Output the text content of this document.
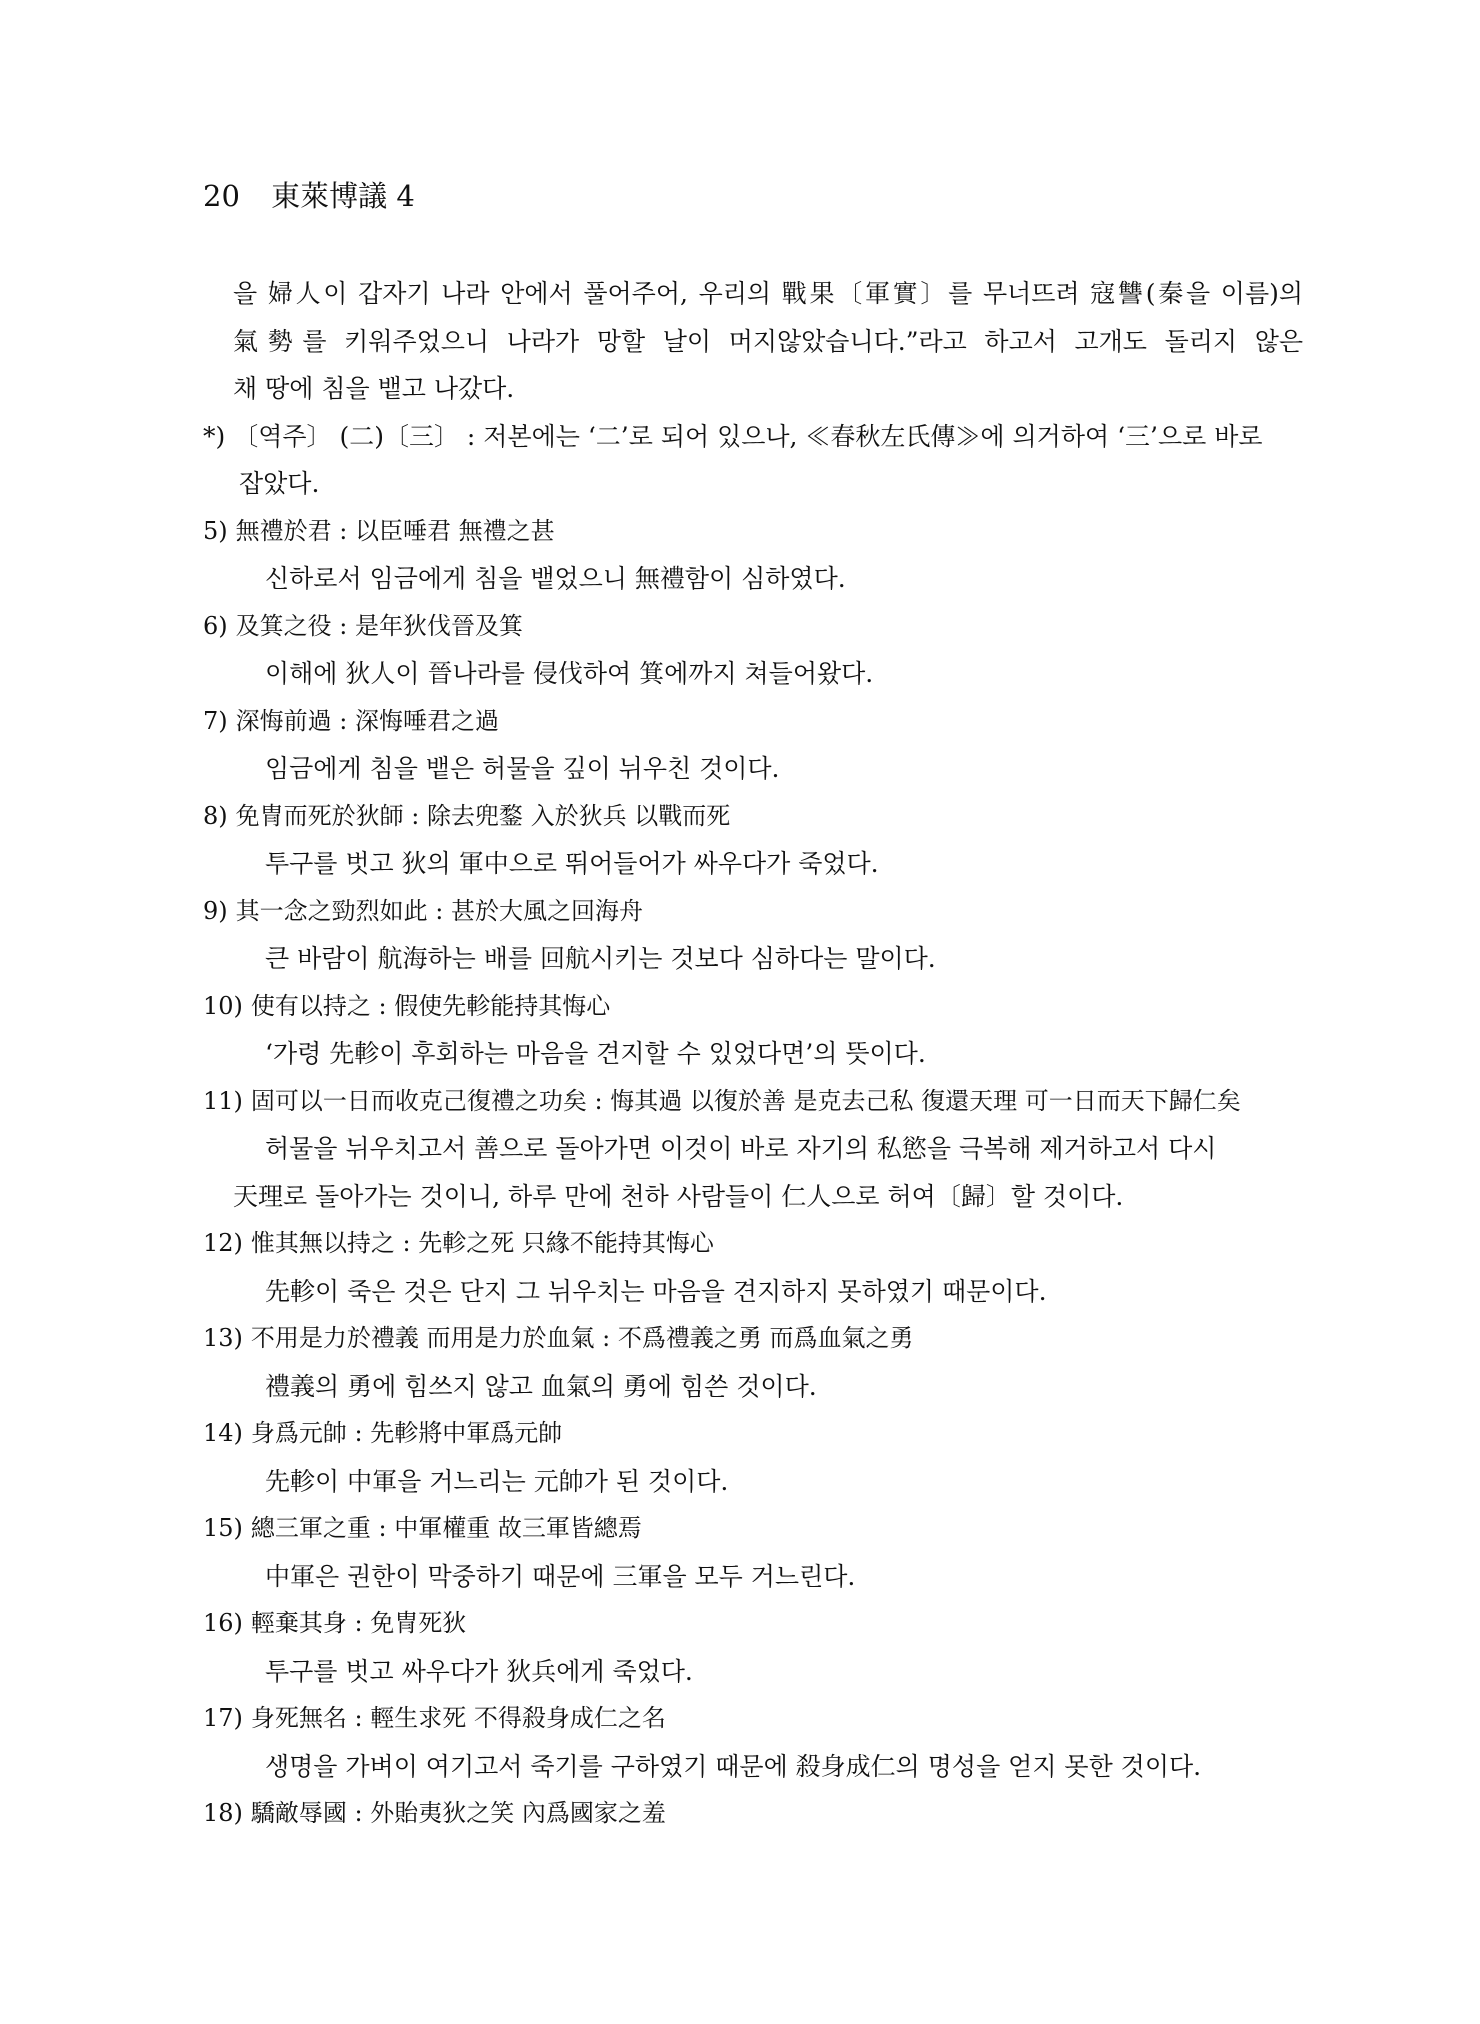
20 東萊博議 4
을 婦人이 갑자기 나라 안에서 풀어주어, 우리의 戰果〔軍實〕를 무너뜨려 寇讐(秦을 이름)의
氣勢를 키워주었으니 나라가 망할 날이 머지않았습니다.”라고 하고서 고개도 돌리지 않은
채 땅에 침을 뱉고 나갔다.
*) 〔역주〕 (二)〔三〕 : 저본에는 ‘二’로 되어 있으나, ≪春秋左氏傳≫에 의거하여 ‘三’으로 바로
잡았다.
5) 無禮於君 : 以臣唾君 無禮之甚
신하로서 임금에게 침을 뱉었으니 無禮함이 심하였다.
6) 及箕之役 : 是年狄伐晉及箕
이해에 狄人이 晉나라를 侵伐하여 箕에까지 쳐들어왔다.
7) 深悔前過 : 深悔唾君之過
임금에게 침을 뱉은 허물을 깊이 뉘우친 것이다.
8) 免冑而死於狄師 : 除去兜鍪 入於狄兵 以戰而死
투구를 벗고 狄의 軍中으로 뛰어들어가 싸우다가 죽었다.
9) 其一念之勁烈如此 : 甚於大風之回海舟
큰 바람이 航海하는 배를 回航시키는 것보다 심하다는 말이다.
10) 使有以持之 : 假使先軫能持其悔心
‘가령 先軫이 후회하는 마음을 견지할 수 있었다면’의 뜻이다.
11) 固可以一日而收克己復禮之功矣 : 悔其過 以復於善 是克去己私 復還天理 可一日而天下歸仁矣
허물을 뉘우치고서 善으로 돌아가면 이것이 바로 자기의 私慾을 극복해 제거하고서 다시
天理로 돌아가는 것이니, 하루 만에 천하 사람들이 仁人으로 허여〔歸〕할 것이다.
12) 惟其無以持之 : 先軫之死 只緣不能持其悔心
先軫이 죽은 것은 단지 그 뉘우치는 마음을 견지하지 못하였기 때문이다.
13) 不用是力於禮義 而用是力於血氣 : 不爲禮義之勇 而爲血氣之勇
禮義의 勇에 힘쓰지 않고 血氣의 勇에 힘쓴 것이다.
14) 身爲元帥 : 先軫將中軍爲元帥
先軫이 中軍을 거느리는 元帥가 된 것이다.
15) 總三軍之重 : 中軍權重 故三軍皆總焉
中軍은 권한이 막중하기 때문에 三軍을 모두 거느린다.
16) 輕棄其身 : 免冑死狄
투구를 벗고 싸우다가 狄兵에게 죽었다.
17) 身死無名 : 輕生求死 不得殺身成仁之名
생명을 가벼이 여기고서 죽기를 구하였기 때문에 殺身成仁의 명성을 얻지 못한 것이다.
18) 驕敵辱國 : 外貽夷狄之笑 內爲國家之羞
